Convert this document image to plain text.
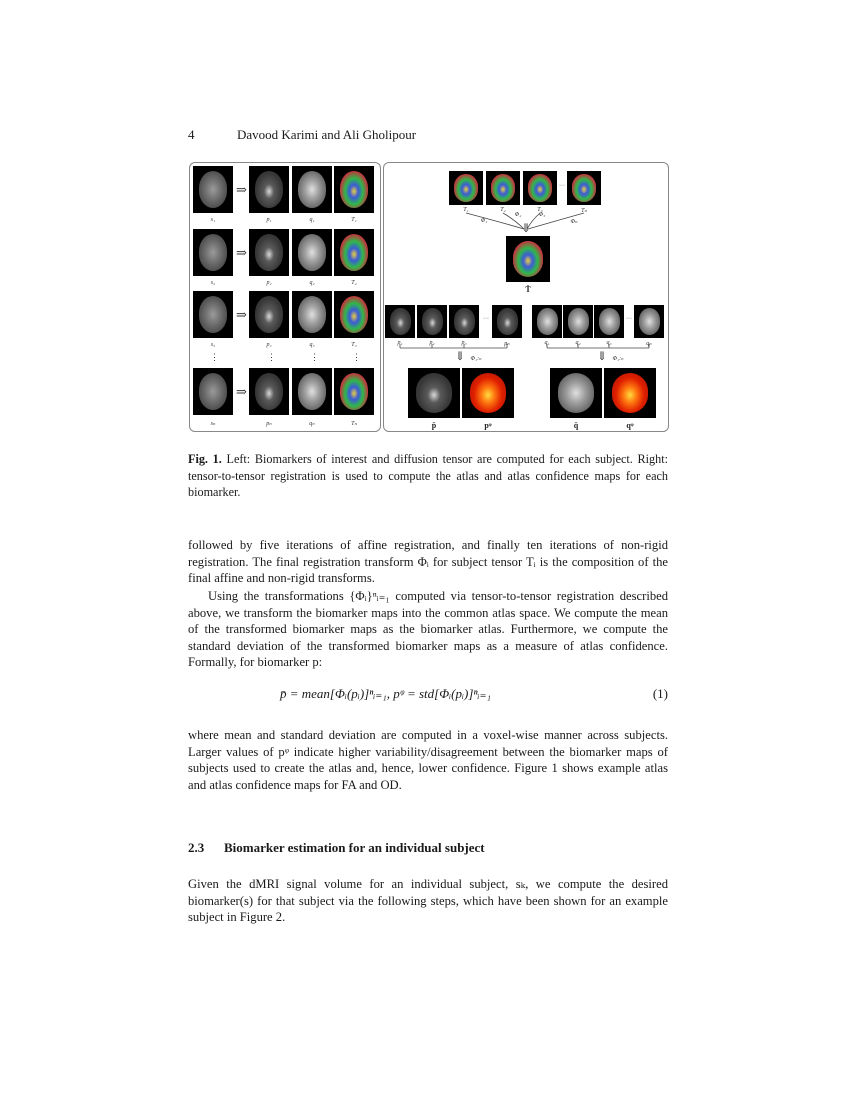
4	Davood Karimi and Ali Gholipour
⇒
s₁	p₁	q₁	T₁
⇒
s₂	p₂	q₂	T₂
⇒
s₃	p₃	q₃	T₃
⋮	⋮	⋮	⋮
⇒
sₙ	pₙ	qₙ	Tₙ
···
T₁	T₂	T₃	Tₙ
Φ₁
Φ₂	Φ₃
Φₙ
⇓
T̂
···
p₁	p₂	p₃	pₙ
⇓ Φ₁:ₙ
···
q₁	q₂	q₃	qₙ
⇓ Φ₁:ₙ
p̄	pᵠ	q̄	qᵠ
Fig. 1. Left: Biomarkers of interest and diffusion tensor are computed for each subject. Right: tensor-to-tensor registration is used to compute the atlas and atlas confidence maps for each biomarker.
followed by five iterations of affine registration, and finally ten iterations of non-rigid registration. The final registration transform Φᵢ for subject tensor Tᵢ is the composition of the final affine and non-rigid transforms.
Using the transformations {Φᵢ}ⁿᵢ₌₁ computed via tensor-to-tensor registration described above, we transform the biomarker maps into the common atlas space. We compute the mean of the transformed biomarker maps as the biomarker atlas. Furthermore, we compute the standard deviation of the transformed biomarker maps as a measure of atlas confidence. Formally, for biomarker p:
p̄ = mean[Φᵢ(pᵢ)]ⁿᵢ₌₁, pᵠ = std[Φᵢ(pᵢ)]ⁿᵢ₌₁	(1)
where mean and standard deviation are computed in a voxel-wise manner across subjects. Larger values of pᵠ indicate higher variability/disagreement between the biomarker maps of subjects used to create the atlas and, hence, lower confidence. Figure 1 shows example atlas and atlas confidence maps for FA and OD.
2.3 Biomarker estimation for an individual subject
Given the dMRI signal volume for an individual subject, sₖ, we compute the desired biomarker(s) for that subject via the following steps, which have been shown for an example subject in Figure 2.
